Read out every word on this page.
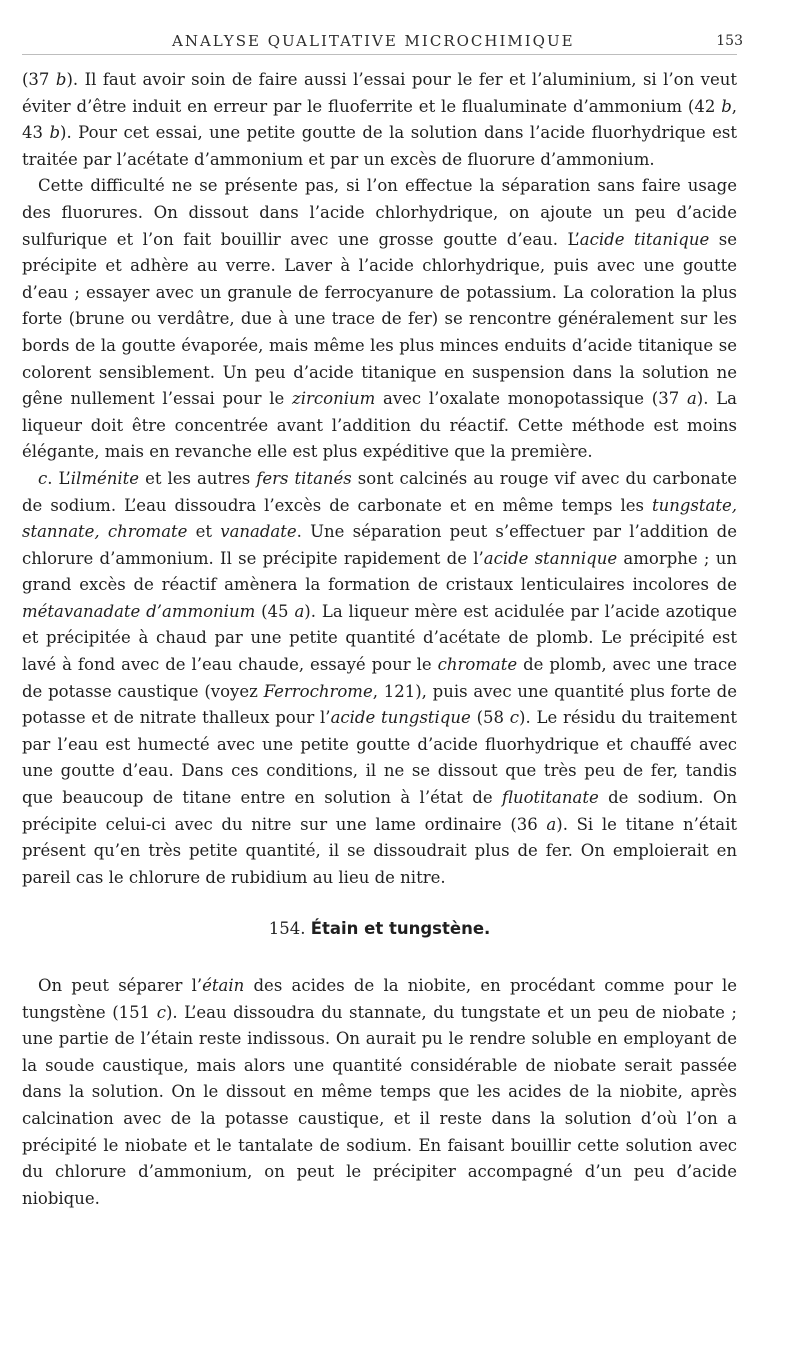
ANALYSE QUALITATIVE MICROCHIMIQUE	153

(37 b). Il faut avoir soin de faire aussi l’essai pour le fer et l’aluminium, si l’on veut éviter d’être induit en erreur par le fluoferrite et le flualuminate d’ammonium (42 b, 43 b). Pour cet essai, une petite goutte de la solution dans l’acide fluorhydrique est traitée par l’acétate d’ammonium et par un excès de fluorure d’ammonium.

Cette difficulté ne se présente pas, si l’on effectue la séparation sans faire usage des fluorures. On dissout dans l’acide chlorhydrique, on ajoute un peu d’acide sulfurique et l’on fait bouillir avec une grosse goutte d’eau. L’acide titanique se précipite et adhère au verre. Laver à l’acide chlorhydrique, puis avec une goutte d’eau ; essayer avec un granule de ferrocyanure de potassium. La coloration la plus forte (brune ou verdâtre, due à une trace de fer) se rencontre généralement sur les bords de la goutte évaporée, mais même les plus minces enduits d’acide titanique se colorent sensiblement. Un peu d’acide titanique en suspension dans la solution ne gêne nullement l’essai pour le zirconium avec l’oxalate monopotassique (37 a). La liqueur doit être concentrée avant l’addition du réactif. Cette méthode est moins élégante, mais en revanche elle est plus expéditive que la première.

c. L’ilménite et les autres fers titanés sont calcinés au rouge vif avec du carbonate de sodium. L’eau dissoudra l’excès de carbonate et en même temps les tungstate, stannate, chromate et vanadate. Une séparation peut s’effectuer par l’addition de chlorure d’ammonium. Il se précipite rapidement de l’acide stannique amorphe ; un grand excès de réactif amènera la formation de cristaux lenticulaires incolores de métavanadate d’ammonium (45 a). La liqueur mère est acidulée par l’acide azotique et précipitée à chaud par une petite quantité d’acétate de plomb. Le précipité est lavé à fond avec de l’eau chaude, essayé pour le chromate de plomb, avec une trace de potasse caustique (voyez Ferrochrome, 121), puis avec une quantité plus forte de potasse et de nitrate thalleux pour l’acide tungstique (58 c). Le résidu du traitement par l’eau est humecté avec une petite goutte d’acide fluorhydrique et chauffé avec une goutte d’eau. Dans ces conditions, il ne se dissout que très peu de fer, tandis que beaucoup de titane entre en solution à l’état de fluotitanate de sodium. On précipite celui-ci avec du nitre sur une lame ordinaire (36 a). Si le titane n’était présent qu’en très petite quantité, il se dissoudrait plus de fer. On emploierait en pareil cas le chlorure de rubidium au lieu de nitre.

154. Étain et tungstène.

On peut séparer l’étain des acides de la niobite, en procédant comme pour le tungstène (151 c). L’eau dissoudra du stannate, du tungstate et un peu de niobate ; une partie de l’étain reste indissous. On aurait pu le rendre soluble en employant de la soude caustique, mais alors une quantité considérable de niobate serait passée dans la solution. On le dissout en même temps que les acides de la niobite, après calcination avec de la potasse caustique, et il reste dans la solution d’où l’on a précipité le niobate et le tantalate de sodium. En faisant bouillir cette solution avec du chlorure d’ammonium, on peut le précipiter accompagné d’un peu d’acide niobique.
